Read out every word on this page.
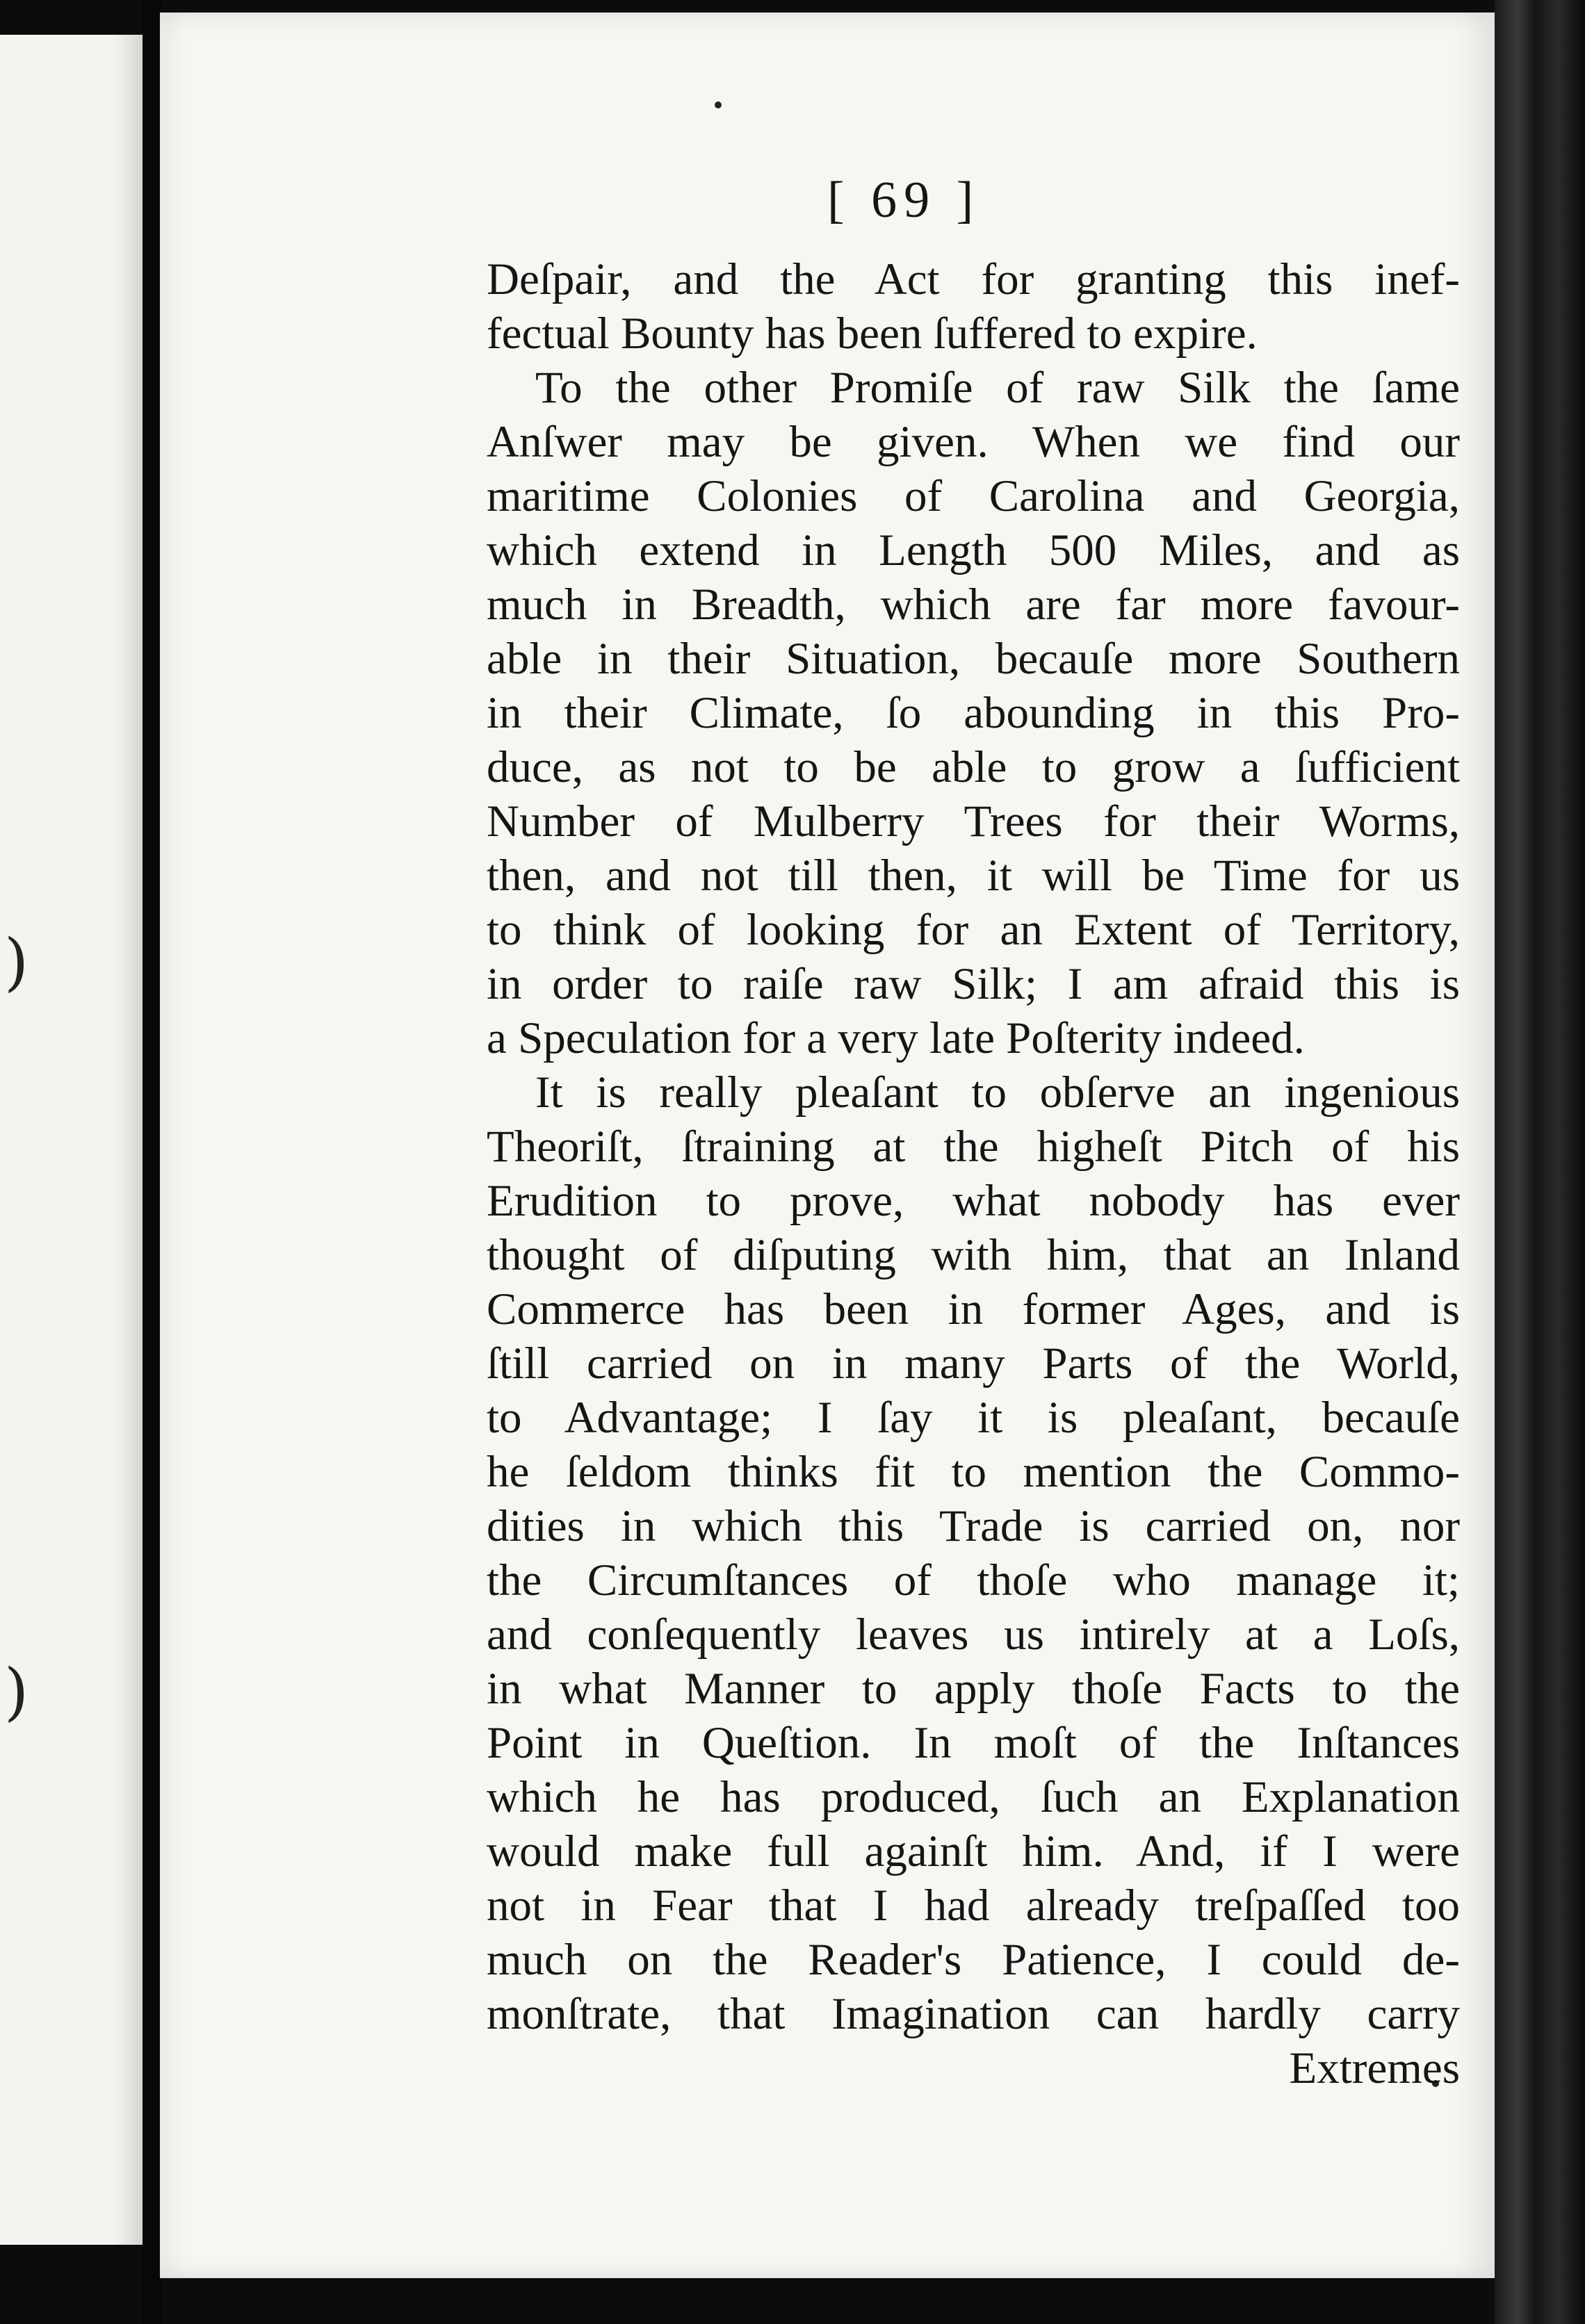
)
)
[ 69 ]
Deſpair, and the Act for granting this inef-
fectual Bounty has been ſuffered to expire.
To the other Promiſe of raw Silk the ſame
Anſwer may be given. When we find our
maritime Colonies of Carolina and Georgia,
which extend in Length 500 Miles, and as
much in Breadth, which are far more favour-
able in their Situation, becauſe more Southern
in their Climate, ſo abounding in this Pro-
duce, as not to be able to grow a ſufficient
Number of Mulberry Trees for their Worms,
then, and not till then, it will be Time for us
to think of looking for an Extent of Territory,
in order to raiſe raw Silk; I am afraid this is
a Speculation for a very late Poſterity indeed.
It is really pleaſant to obſerve an ingenious
Theoriſt, ſtraining at the higheſt Pitch of his
Erudition to prove, what nobody has ever
thought of diſputing with him, that an Inland
Commerce has been in former Ages, and is
ſtill carried on in many Parts of the World,
to Advantage; I ſay it is pleaſant, becauſe
he ſeldom thinks fit to mention the Commo-
dities in which this Trade is carried on, nor
the Circumſtances of thoſe who manage it;
and conſequently leaves us intirely at a Loſs,
in what Manner to apply thoſe Facts to the
Point in Queſtion. In moſt of the Inſtances
which he has produced, ſuch an Explanation
would make full againſt him. And, if I were
not in Fear that I had already treſpaſſed too
much on the Reader's Patience, I could de-
monſtrate, that Imagination can hardly carry
Extremes
